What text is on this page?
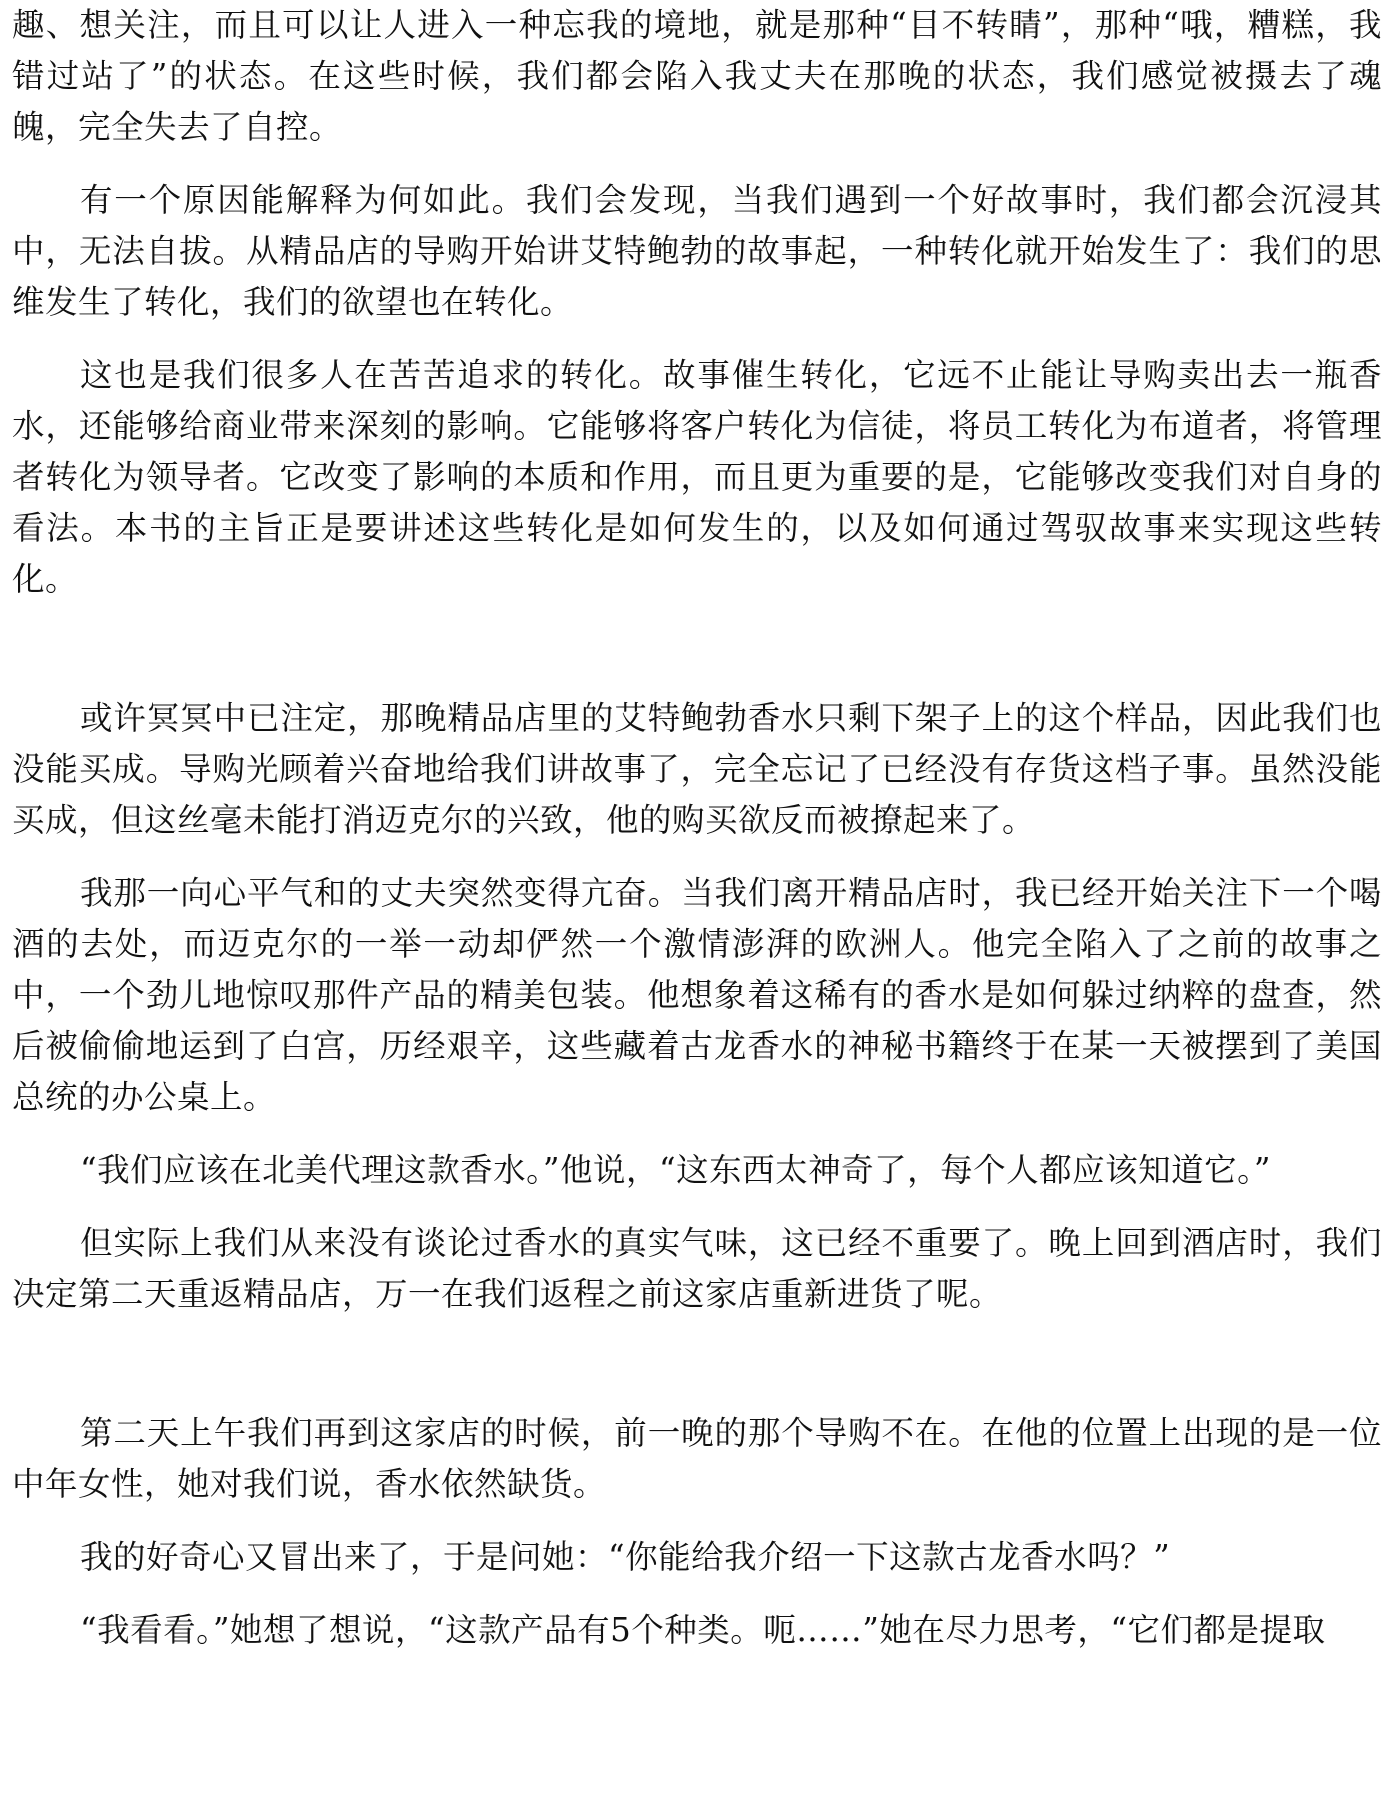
趣、想关注，而且可以让人进入一种忘我的境地，就是那种“目不转睛”，那种“哦，糟糕，我错过站了”的状态。在这些时候，我们都会陷入我丈夫在那晚的状态，我们感觉被摄去了魂魄，完全失去了自控。

有一个原因能解释为何如此。我们会发现，当我们遇到一个好故事时，我们都会沉浸其中，无法自拔。从精品店的导购开始讲艾特鲍勃的故事起，一种转化就开始发生了：我们的思维发生了转化，我们的欲望也在转化。

这也是我们很多人在苦苦追求的转化。故事催生转化，它远不止能让导购卖出去一瓶香水，还能够给商业带来深刻的影响。它能够将客户转化为信徒，将员工转化为布道者，将管理者转化为领导者。它改变了影响的本质和作用，而且更为重要的是，它能够改变我们对自身的看法。本书的主旨正是要讲述这些转化是如何发生的，以及如何通过驾驭故事来实现这些转化。

或许冥冥中已注定，那晚精品店里的艾特鲍勃香水只剩下架子上的这个样品，因此我们也没能买成。导购光顾着兴奋地给我们讲故事了，完全忘记了已经没有存货这档子事。虽然没能买成，但这丝毫未能打消迈克尔的兴致，他的购买欲反而被撩起来了。

我那一向心平气和的丈夫突然变得亢奋。当我们离开精品店时，我已经开始关注下一个喝酒的去处，而迈克尔的一举一动却俨然一个激情澎湃的欧洲人。他完全陷入了之前的故事之中，一个劲儿地惊叹那件产品的精美包装。他想象着这稀有的香水是如何躲过纳粹的盘查，然后被偷偷地运到了白宫，历经艰辛，这些藏着古龙香水的神秘书籍终于在某一天被摆到了美国总统的办公桌上。

“我们应该在北美代理这款香水。”他说，“这东西太神奇了，每个人都应该知道它。”

但实际上我们从来没有谈论过香水的真实气味，这已经不重要了。晚上回到酒店时，我们决定第二天重返精品店，万一在我们返程之前这家店重新进货了呢。

第二天上午我们再到这家店的时候，前一晚的那个导购不在。在他的位置上出现的是一位中年女性，她对我们说，香水依然缺货。

我的好奇心又冒出来了，于是问她：“你能给我介绍一下这款古龙香水吗？”

“我看看。”她想了想说，“这款产品有5个种类。呃……”她在尽力思考，“它们都是提取
